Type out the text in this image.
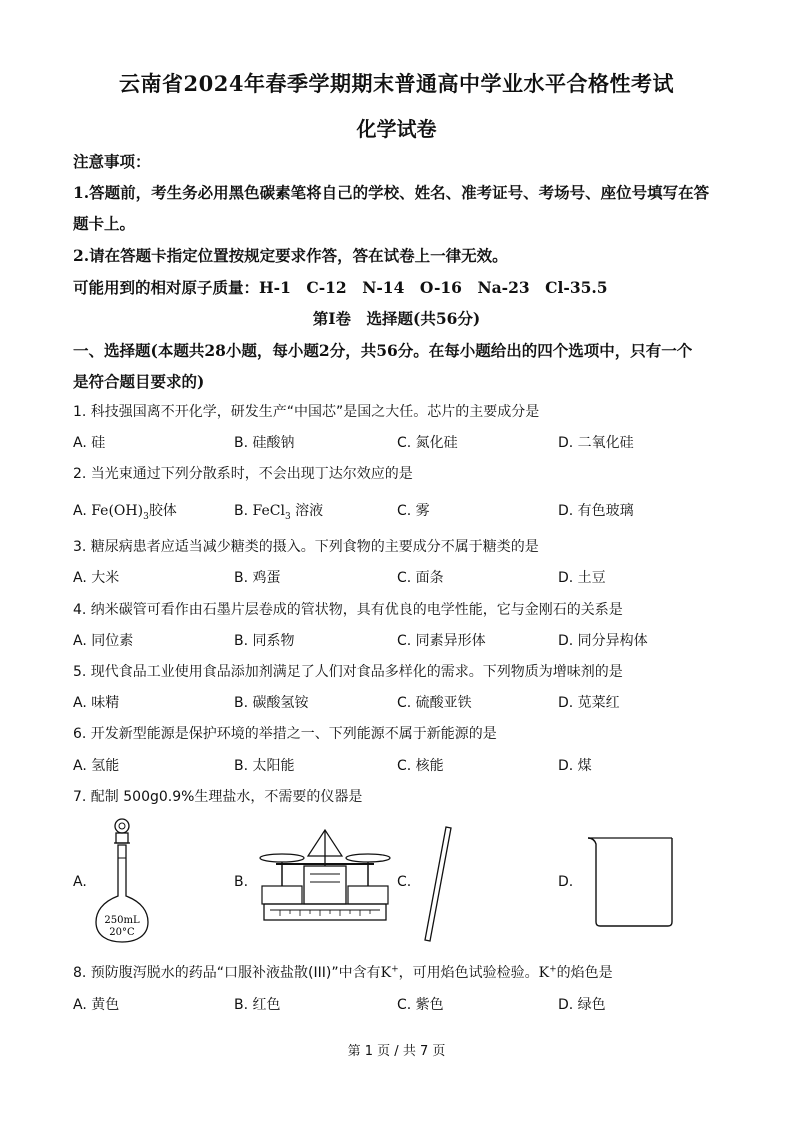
云南省2024年春季学期期末普通高中学业水平合格性考试
化学试卷
注意事项：
1.答题前，考生务必用黑色碳素笔将自己的学校、姓名、准考证号、考场号、座位号填写在答
题卡上。
2.请在答题卡指定位置按规定要求作答，答在试卷上一律无效。
可能用到的相对原子质量：H-1　C-12　N-14　O-16　Na-23　Cl-35.5
第I卷　选择题(共56分)
一、选择题(本题共28小题，每小题2分，共56分。在每小题给出的四个选项中，只有一个
是符合题目要求的)
1. 科技强国离不开化学，研发生产“中国芯”是国之大任。芯片的主要成分是
A. 硅	B. 硅酸钠	C. 氮化硅	D. 二氧化硅
2. 当光束通过下列分散系时，不会出现丁达尔效应的是
A. $Fe(OH)_3$胶体	B. FeCl$_3$ 溶液	C. 雾	D. 有色玻璃
3. 糖尿病患者应适当减少糖类的摄入。下列食物的主要成分不属于糖类的是
A. 大米	B. 鸡蛋	C. 面条	D. 土豆
4. 纳米碳管可看作由石墨片层卷成的管状物，具有优良的电学性能，它与金刚石的关系是
A. 同位素	B. 同系物	C. 同素异形体	D. 同分异构体
5. 现代食品工业使用食品添加剂满足了人们对食品多样化的需求。下列物质为增味剂的是
A. 味精	B. 碳酸氢铵	C. 硫酸亚铁	D. 苋菜红
6. 开发新型能源是保护环境的举措之一、下列能源不属于新能源的是
A. 氢能	B. 太阳能	C. 核能	D. 煤
7. 配制 500g0.9%生理盐水，不需要的仪器是
A.	B.	C.	D.
250mL
20°C
8. 预防腹泻脱水的药品“口服补液盐散(III)”中含有K+，可用焰色试验检验。K+的焰色是
A. 黄色	B. 红色	C. 紫色	D. 绿色
第 1 页 / 共 7 页
